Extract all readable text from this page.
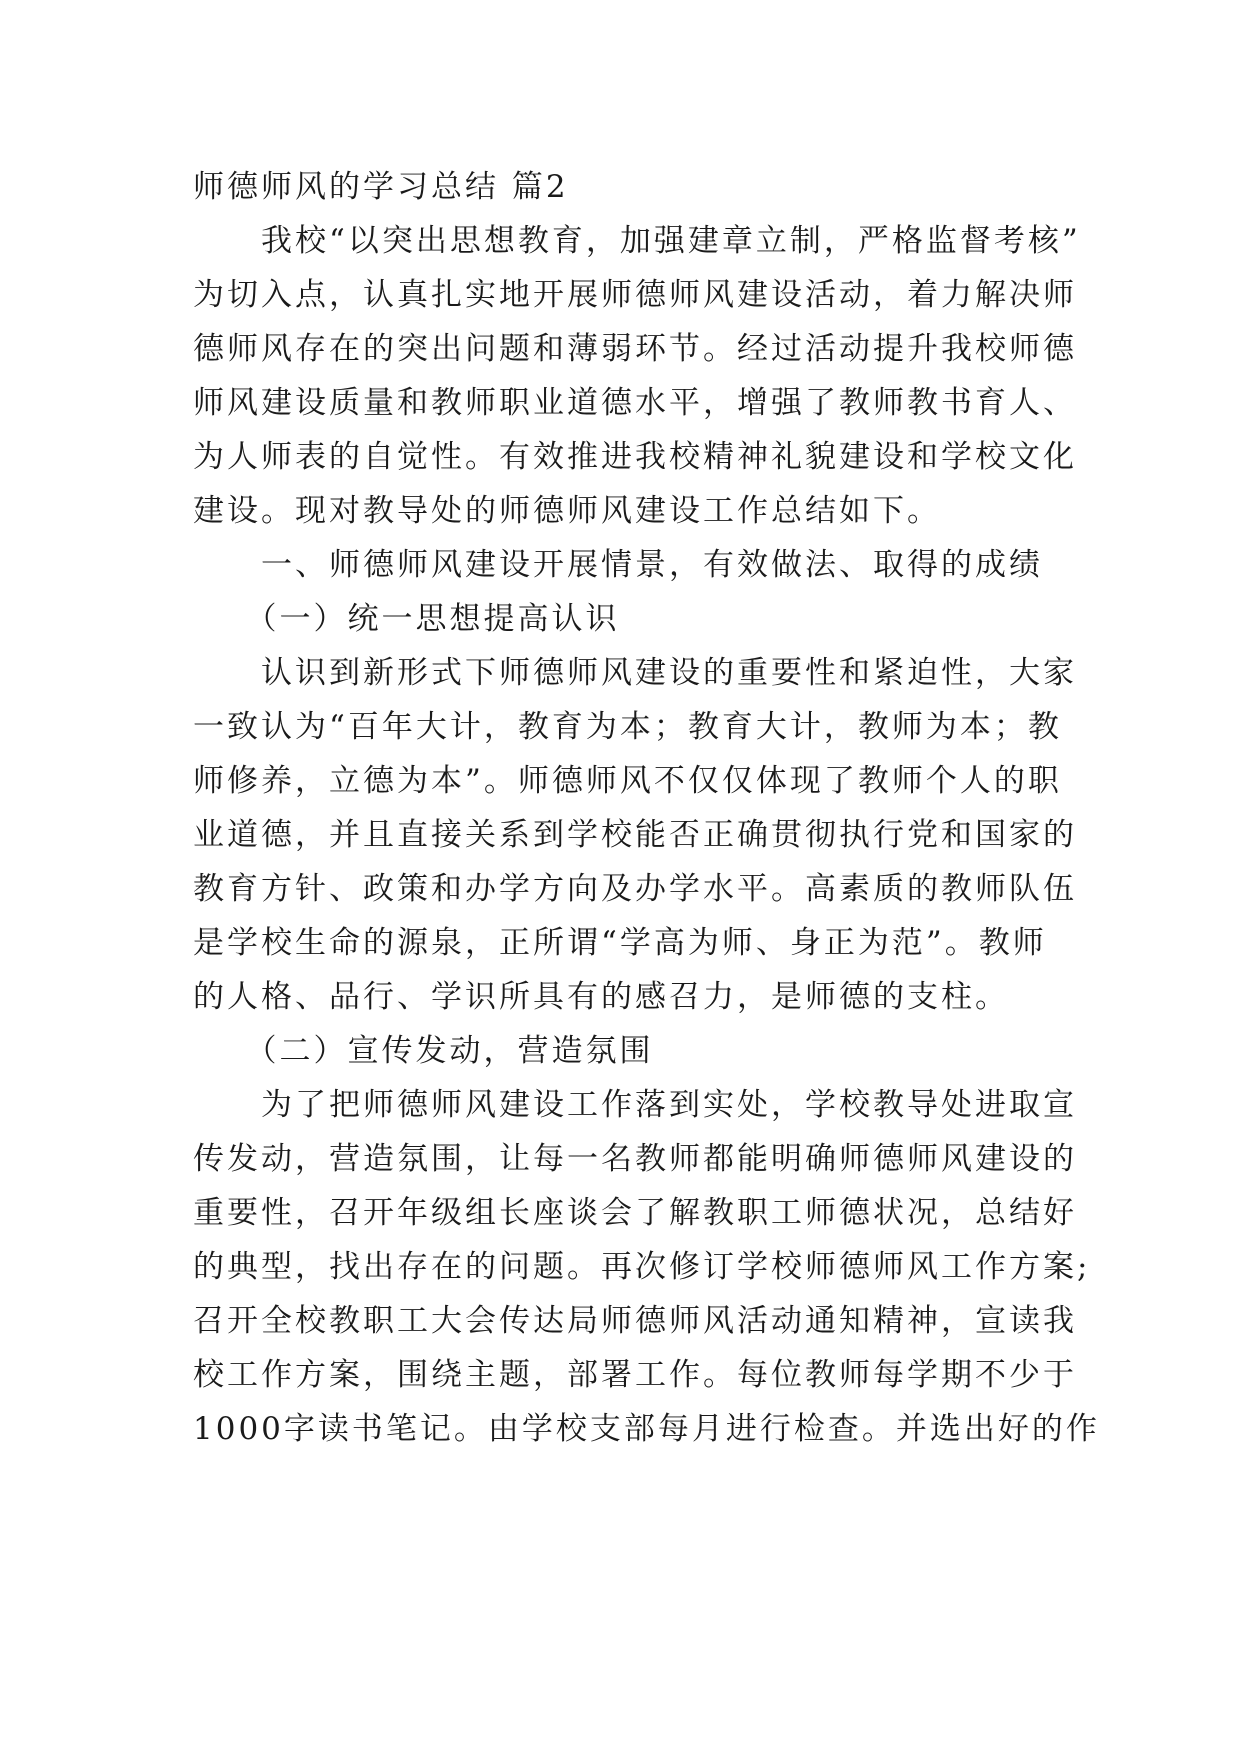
师德师风的学习总结 篇2
　　我校“以突出思想教育，加强建章立制，严格监督考核”
为切入点，认真扎实地开展师德师风建设活动，着力解决师
德师风存在的突出问题和薄弱环节。经过活动提升我校师德
师风建设质量和教师职业道德水平，增强了教师教书育人、
为人师表的自觉性。有效推进我校精神礼貌建设和学校文化
建设。现对教导处的师德师风建设工作总结如下。
　　一、师德师风建设开展情景，有效做法、取得的成绩
　　（一）统一思想提高认识
　　认识到新形式下师德师风建设的重要性和紧迫性，大家
一致认为“百年大计，教育为本；教育大计，教师为本；教
师修养，立德为本”。师德师风不仅仅体现了教师个人的职
业道德，并且直接关系到学校能否正确贯彻执行党和国家的
教育方针、政策和办学方向及办学水平。高素质的教师队伍
是学校生命的源泉，正所谓“学高为师、身正为范”。教师
的人格、品行、学识所具有的感召力，是师德的支柱。
　　（二）宣传发动，营造氛围
　　为了把师德师风建设工作落到实处，学校教导处进取宣
传发动，营造氛围，让每一名教师都能明确师德师风建设的
重要性，召开年级组长座谈会了解教职工师德状况，总结好
的典型，找出存在的问题。再次修订学校师德师风工作方案;
召开全校教职工大会传达局师德师风活动通知精神，宣读我
校工作方案，围绕主题，部署工作。每位教师每学期不少于
1000字读书笔记。由学校支部每月进行检查。并选出好的作
